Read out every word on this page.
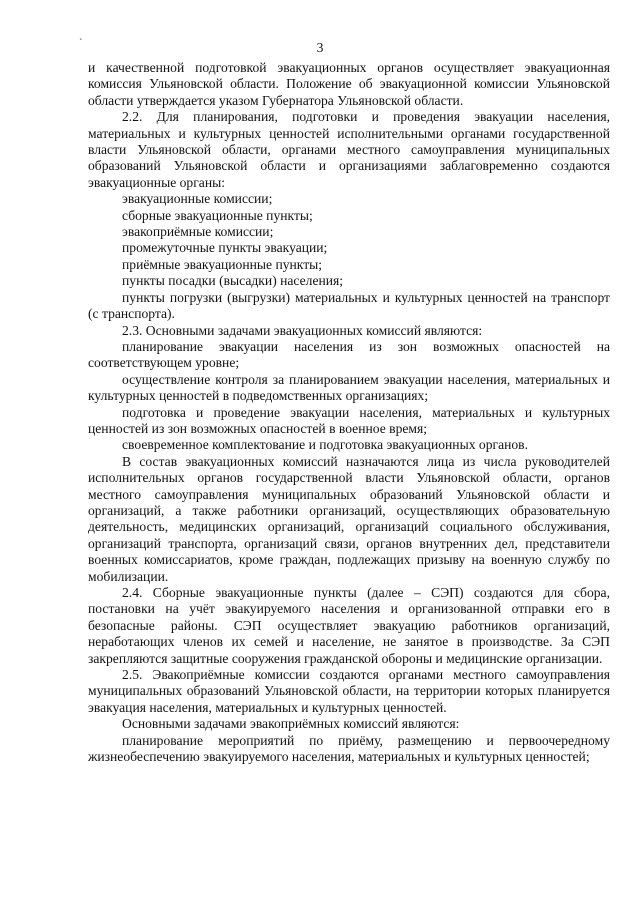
`	3

и качественной подготовкой эвакуационных органов осуществляет эвакуационная комиссия Ульяновской области. Положение об эвакуационной комиссии Ульяновской области утверждается указом Губернатора Ульяновской области.

2.2. Для планирования, подготовки и проведения эвакуации населения, материальных и культурных ценностей исполнительными органами государственной власти Ульяновской области, органами местного самоуправления муниципальных образований Ульяновской области и организациями заблаговременно создаются эвакуационные органы:

эвакуационные комиссии;

сборные эвакуационные пункты;

эвакоприёмные комиссии;

промежуточные пункты эвакуации;

приёмные эвакуационные пункты;

пункты посадки (высадки) населения;

пункты погрузки (выгрузки) материальных и культурных ценностей на транспорт (с транспорта).

2.3. Основными задачами эвакуационных комиссий являются:

планирование эвакуации населения из зон возможных опасностей на соответствующем уровне;

осуществление контроля за планированием эвакуации населения, материальных и культурных ценностей в подведомственных организациях;

подготовка и проведение эвакуации населения, материальных и культурных ценностей из зон возможных опасностей в военное время;

своевременное комплектование и подготовка эвакуационных органов.

В состав эвакуационных комиссий назначаются лица из числа руководителей исполнительных органов государственной власти Ульяновской области, органов местного самоуправления муниципальных образований Ульяновской области и организаций, а также работники организаций, осуществляющих образовательную деятельность, медицинских организаций, организаций социального обслуживания, организаций транспорта, организаций связи, органов внутренних дел, представители военных комиссариатов, кроме граждан, подлежащих призыву на военную службу по мобилизации.

2.4. Сборные эвакуационные пункты (далее – СЭП) создаются для сбора, постановки на учёт эвакуируемого населения и организованной отправки его в безопасные районы. СЭП осуществляет эвакуацию работников организаций, неработающих членов их семей и население, не занятое в производстве. За СЭП закрепляются защитные сооружения гражданской обороны и медицинские организации.

2.5. Эвакоприёмные комиссии создаются органами местного самоуправления муниципальных образований Ульяновской области, на территории которых планируется эвакуация населения, материальных и культурных ценностей.

Основными задачами эвакоприёмных комиссий являются:

планирование мероприятий по приёму, размещению и первоочередному жизнеобеспечению эвакуируемого населения, материальных и культурных ценностей;
